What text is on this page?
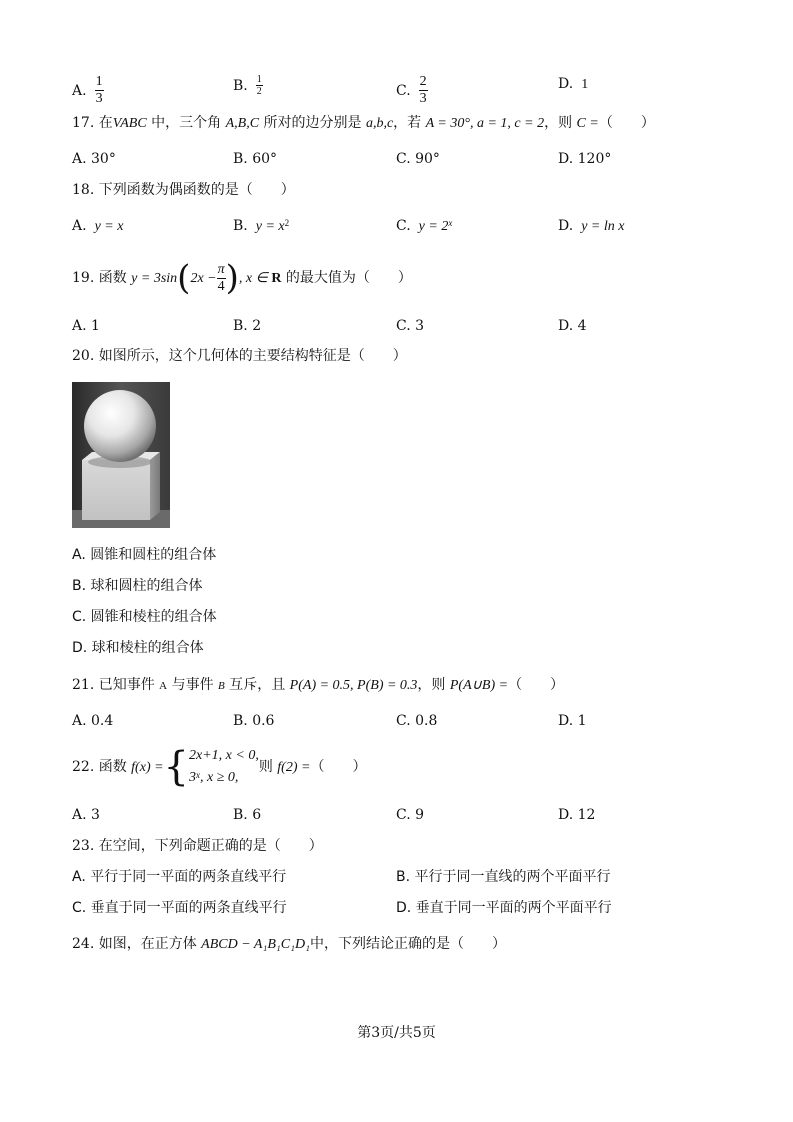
A. $\frac{1}{3}$	B. $\frac{1}{2}$	C. $\frac{2}{3}$	D. 1
17. 在VABC 中，三个角 A,B,C 所对的边分别是 a,b,c，若 A = 30°, a = 1, c = 2，则 C =（　　）
A. 30°	B. 60°	C. 90°	D. 120°
18. 下列函数为偶函数的是（　　）
A. y = x	B. $y = x^2$	C. $y = 2^x$	D. y = ln x
19. 函数 $y = 3\sin(2x - \frac{\pi}{4}$ ), x ∈ R 的最大值为（　　）
A. 1	B. 2	C. 3	D. 4
20. 如图所示，这个几何体的主要结构特征是（　　）
A. 圆锥和圆柱的组合体
B. 球和圆柱的组合体
C. 圆锥和棱柱的组合体
D. 球和棱柱的组合体
21. 已知事件 A 与事件 B 互斥，且 P(A) = 0.5, P(B) = 0.3，则 P(A∪B) =（　　）
A. 0.4	B. 0.6	C. 0.8	D. 1
22. 函数 f(x) ={ 2x+1, x < 0,
3$^x$, x ≥ 0,
则 f(2) =（　　）
A. 3	B. 6	C. 9	D. 12
23. 在空间，下列命题正确的是（　　）
A. 平行于同一平面的两条直线平行	B. 平行于同一直线的两个平面平行
C. 垂直于同一平面的两条直线平行	D. 垂直于同一平面的两个平面平行
24. 如图，在正方体 ABCD − A₁B₁C₁D₁中，下列结论正确的是（　　）
第3页/共5页
